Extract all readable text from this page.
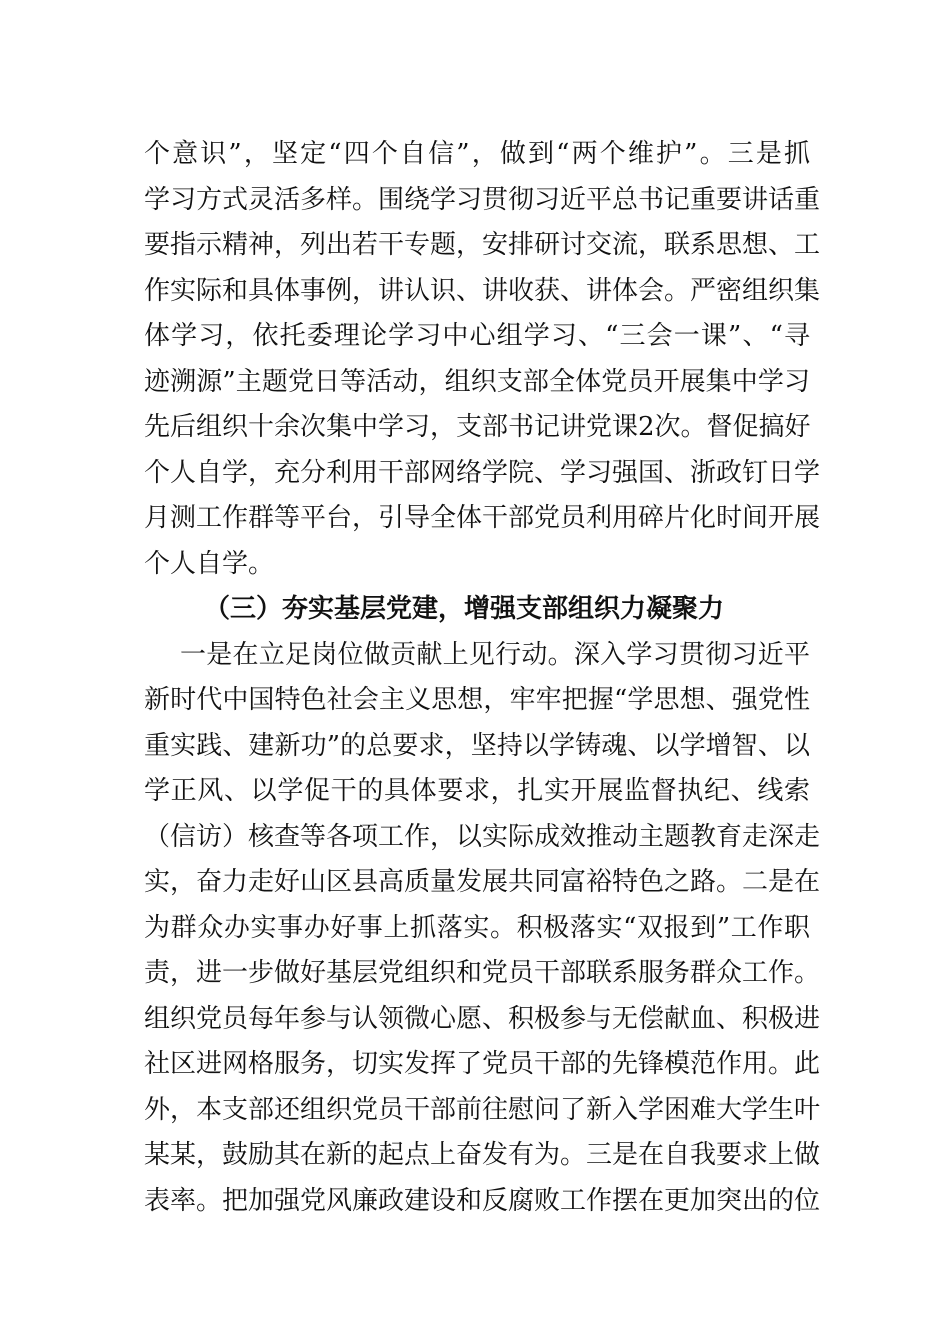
个意识”，坚定“四个自信”，做到“两个维护”。三是抓
学习方式灵活多样。围绕学习贯彻习近平总书记重要讲话重
要指示精神，列出若干专题，安排研讨交流，联系思想、工
作实际和具体事例，讲认识、讲收获、讲体会。严密组织集
体学习，依托委理论学习中心组学习、“三会一课”、“寻
迹溯源”主题党日等活动，组织支部全体党员开展集中学习
先后组织十余次集中学习，支部书记讲党课2次。督促搞好
个人自学，充分利用干部网络学院、学习强国、浙政钉日学
月测工作群等平台，引导全体干部党员利用碎片化时间开展
个人自学。
（三）夯实基层党建，增强支部组织力凝聚力
一是在立足岗位做贡献上见行动。深入学习贯彻习近平
新时代中国特色社会主义思想，牢牢把握“学思想、强党性
重实践、建新功”的总要求，坚持以学铸魂、以学增智、以
学正风、以学促干的具体要求，扎实开展监督执纪、线索
（信访）核查等各项工作，以实际成效推动主题教育走深走
实，奋力走好山区县高质量发展共同富裕特色之路。二是在
为群众办实事办好事上抓落实。积极落实“双报到”工作职
责，进一步做好基层党组织和党员干部联系服务群众工作。
组织党员每年参与认领微心愿、积极参与无偿献血、积极进
社区进网格服务，切实发挥了党员干部的先锋模范作用。此
外，本支部还组织党员干部前往慰问了新入学困难大学生叶
某某，鼓励其在新的起点上奋发有为。三是在自我要求上做
表率。把加强党风廉政建设和反腐败工作摆在更加突出的位
